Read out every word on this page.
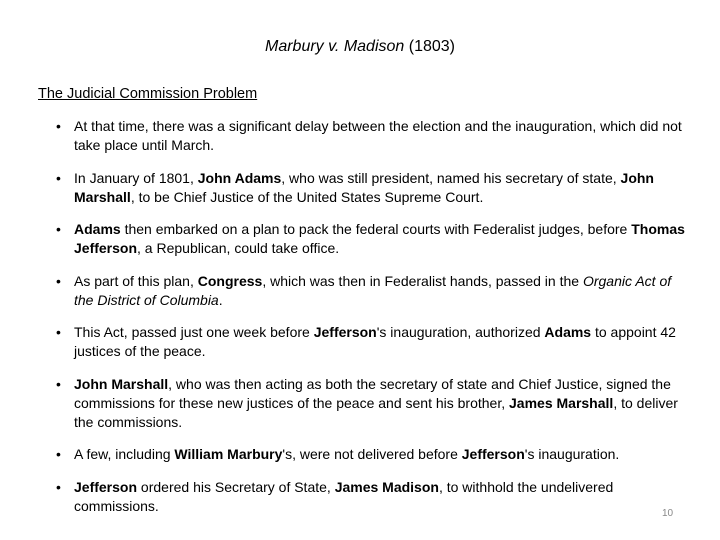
Marbury v. Madison (1803)
The Judicial Commission Problem
• At that time, there was a significant delay between the election and the inauguration, which did not take place until March.
• In January of 1801, John Adams, who was still president, named his secretary of state, John Marshall, to be Chief Justice of the United States Supreme Court.
• Adams then embarked on a plan to pack the federal courts with Federalist judges, before Thomas Jefferson, a Republican, could take office.
• As part of this plan, Congress, which was then in Federalist hands, passed in the Organic Act of the District of Columbia.
• This Act, passed just one week before Jefferson's inauguration, authorized Adams to appoint 42 justices of the peace.
• John Marshall, who was then acting as both the secretary of state and Chief Justice, signed the commissions for these new justices of the peace and sent his brother, James Marshall, to deliver the commissions.
• A few, including William Marbury's, were not delivered before Jefferson's inauguration.
• Jefferson ordered his Secretary of State, James Madison, to withhold the undelivered commissions.	10
